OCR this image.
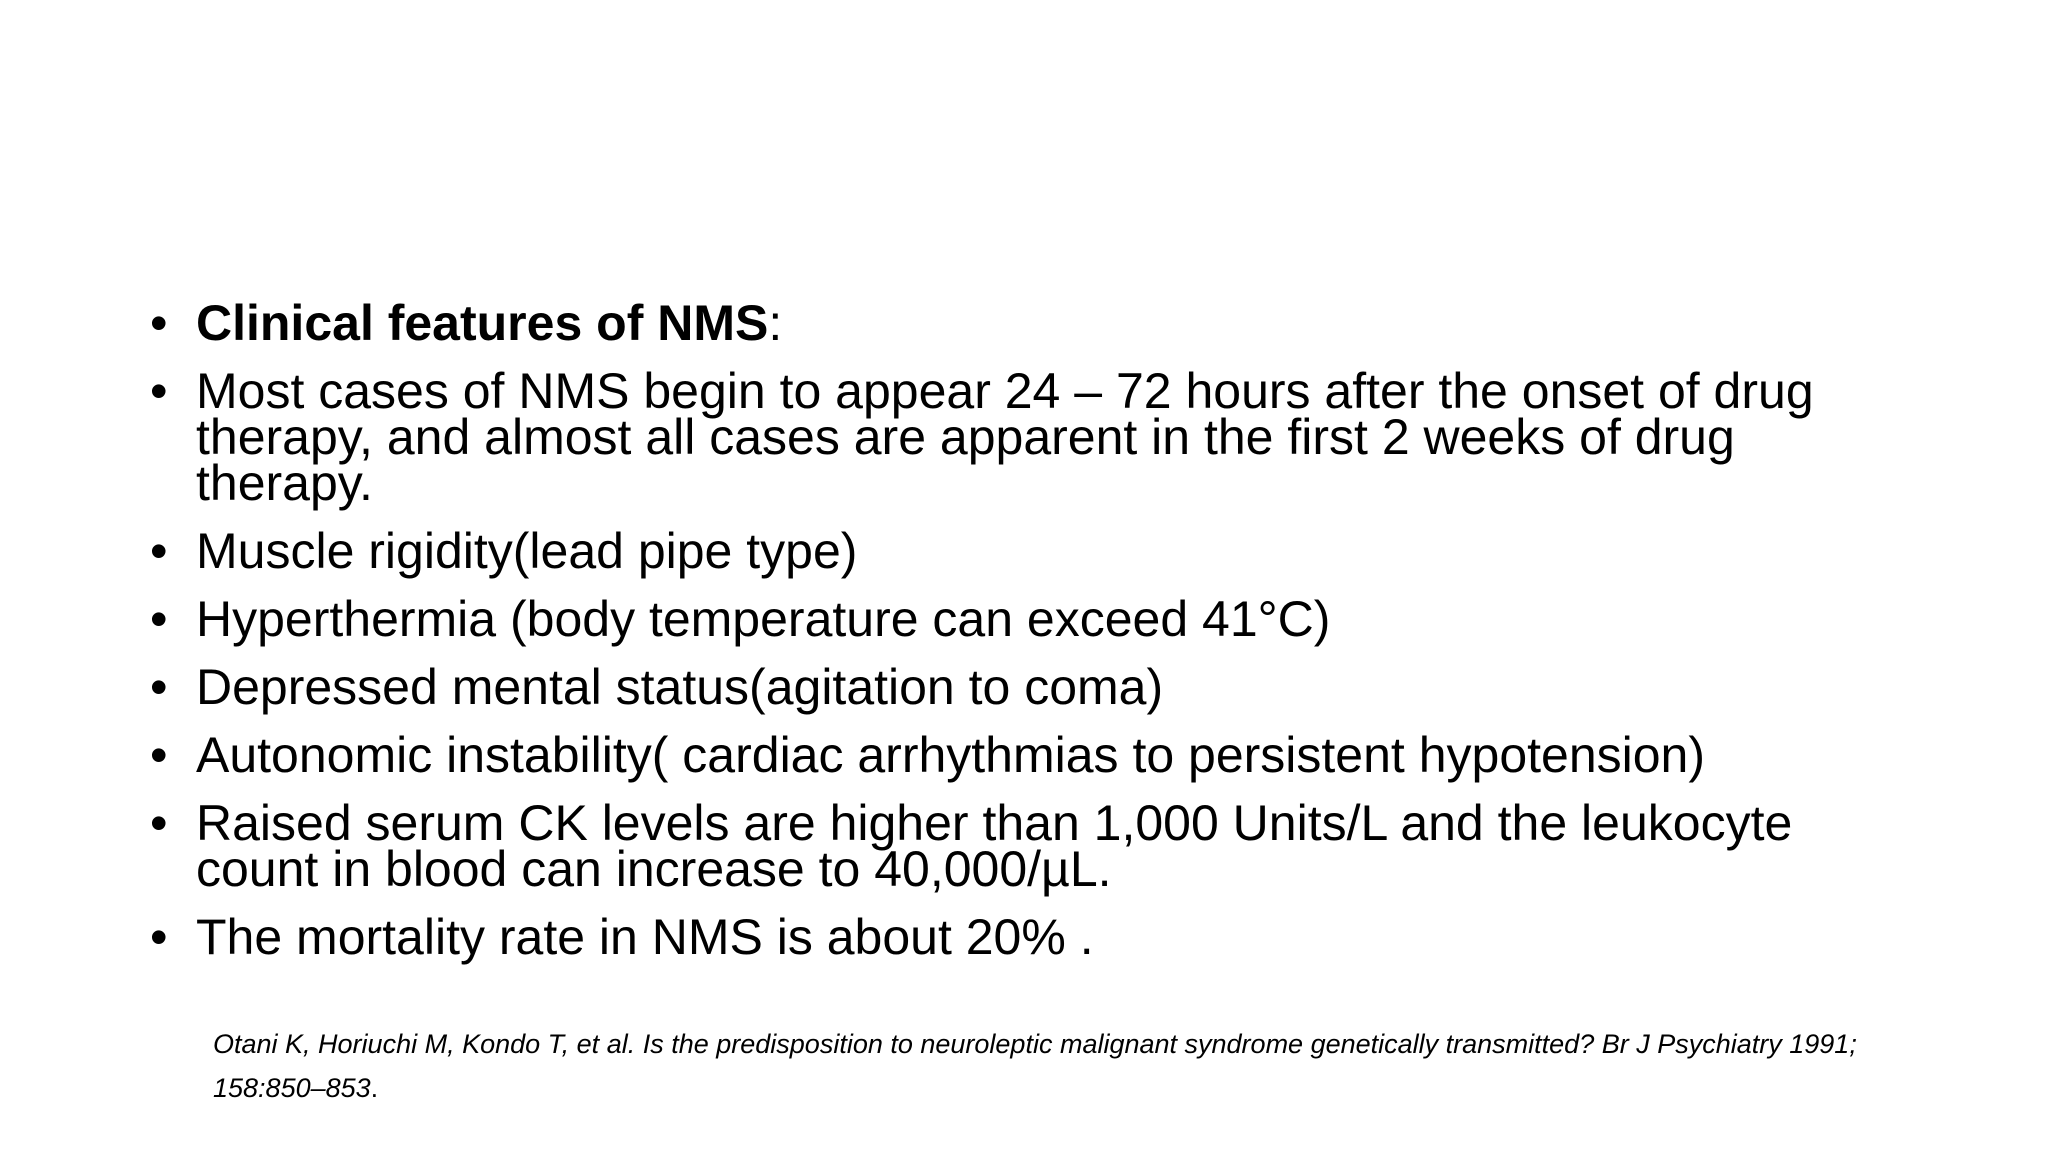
• Clinical features of NMS:
• Most cases of NMS begin to appear 24 – 72 hours after the onset of drug therapy, and almost all cases are apparent in the first 2 weeks of drug therapy.
• Muscle rigidity(lead pipe type)
• Hyperthermia (body temperature can exceed 41°C)
• Depressed mental status(agitation to coma)
• Autonomic instability( cardiac arrhythmias to persistent hypotension)
• Raised serum CK levels are higher than 1,000 Units/L and the leukocyte count in blood can increase to 40,000/µL.
• The mortality rate in NMS is about 20% .
Otani K, Horiuchi M, Kondo T, et al. Is the predisposition to neuroleptic malignant syndrome genetically transmitted? Br J Psychiatry 1991; 158:850–853.
